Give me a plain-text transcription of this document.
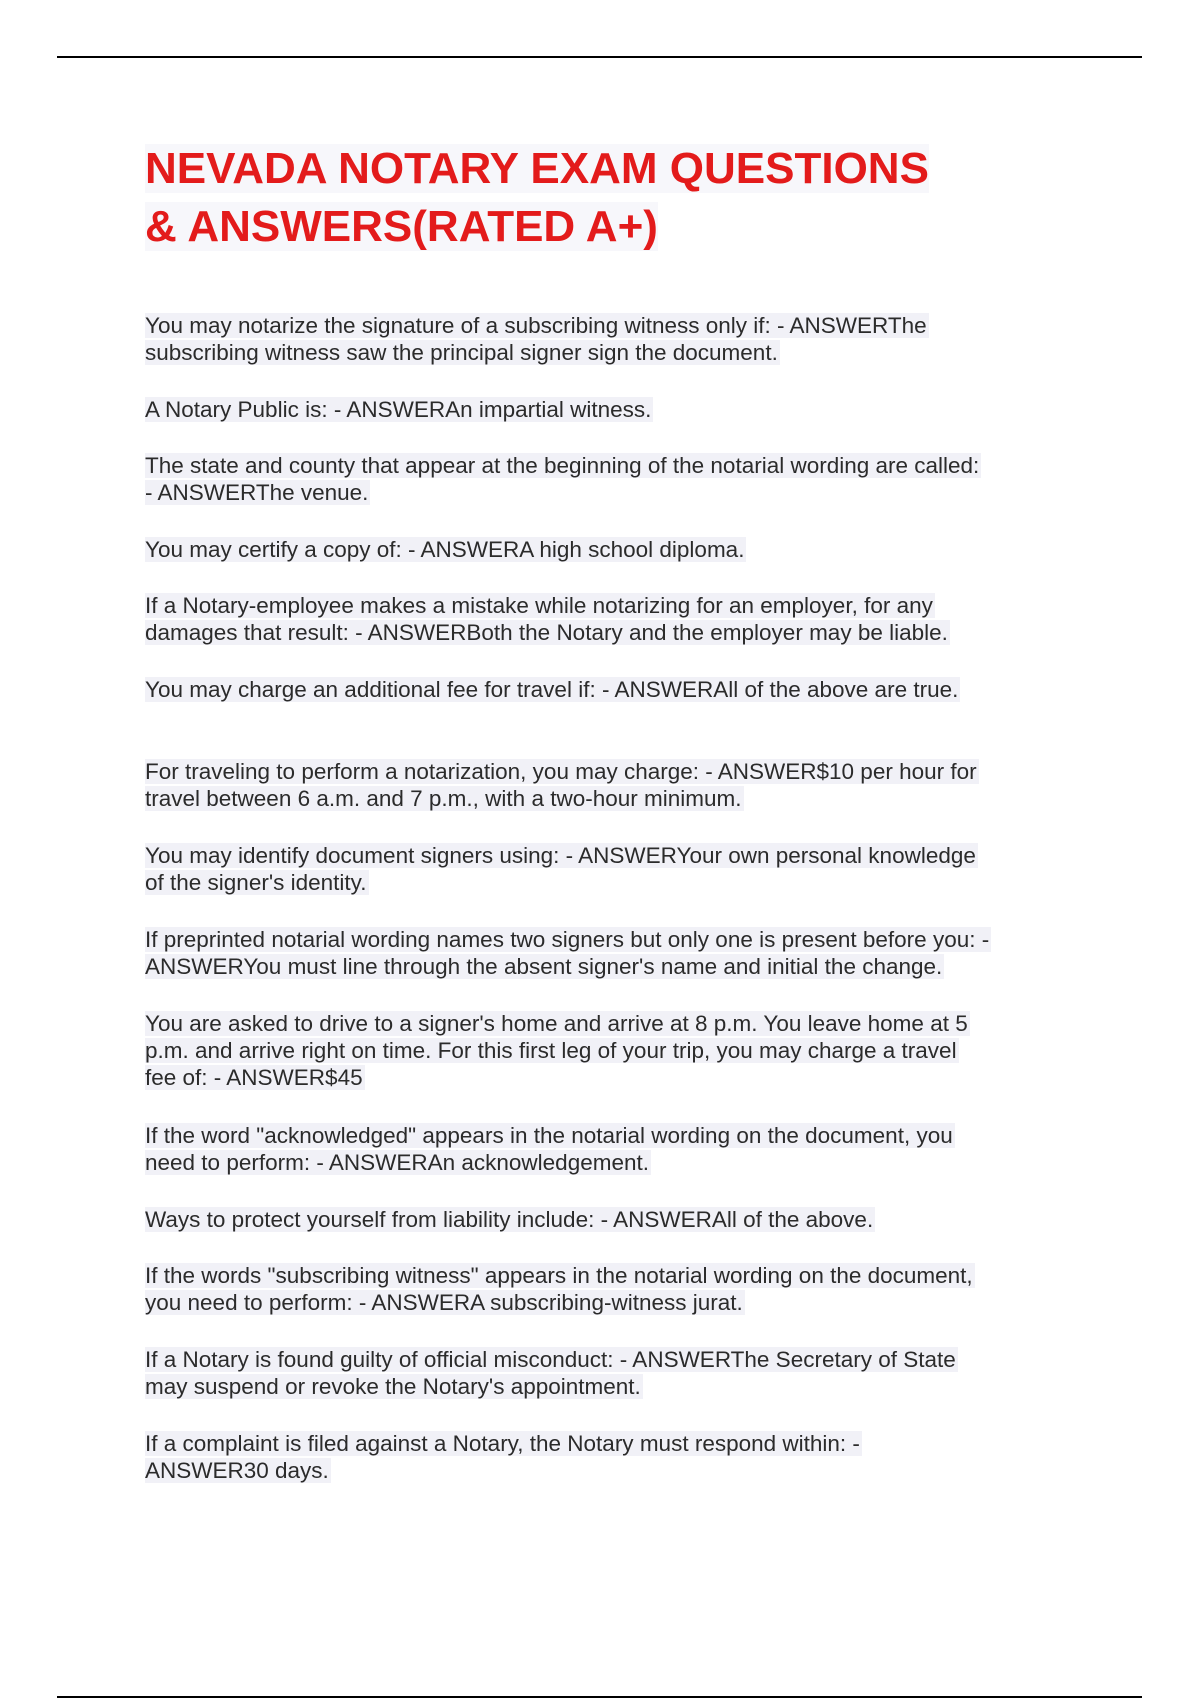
NEVADA NOTARY EXAM QUESTIONS
& ANSWERS(RATED A+)

You may notarize the signature of a subscribing witness only if: - ANSWERThe
subscribing witness saw the principal signer sign the document.

A Notary Public is: - ANSWERAn impartial witness.

The state and county that appear at the beginning of the notarial wording are called:
- ANSWERThe venue.

You may certify a copy of: - ANSWERA high school diploma.

If a Notary-employee makes a mistake while notarizing for an employer, for any
damages that result: - ANSWERBoth the Notary and the employer may be liable.

You may charge an additional fee for travel if: - ANSWERAll of the above are true.

For traveling to perform a notarization, you may charge: - ANSWER$10 per hour for
travel between 6 a.m. and 7 p.m., with a two-hour minimum.

You may identify document signers using: - ANSWERYour own personal knowledge
of the signer's identity.

If preprinted notarial wording names two signers but only one is present before you: -
ANSWERYou must line through the absent signer's name and initial the change.

You are asked to drive to a signer's home and arrive at 8 p.m. You leave home at 5
p.m. and arrive right on time. For this first leg of your trip, you may charge a travel
fee of: - ANSWER$45

If the word "acknowledged" appears in the notarial wording on the document, you
need to perform: - ANSWERAn acknowledgement.

Ways to protect yourself from liability include: - ANSWERAll of the above.

If the words "subscribing witness" appears in the notarial wording on the document,
you need to perform: - ANSWERA subscribing-witness jurat.

If a Notary is found guilty of official misconduct: - ANSWERThe Secretary of State
may suspend or revoke the Notary's appointment.

If a complaint is filed against a Notary, the Notary must respond within: -
ANSWER30 days.
